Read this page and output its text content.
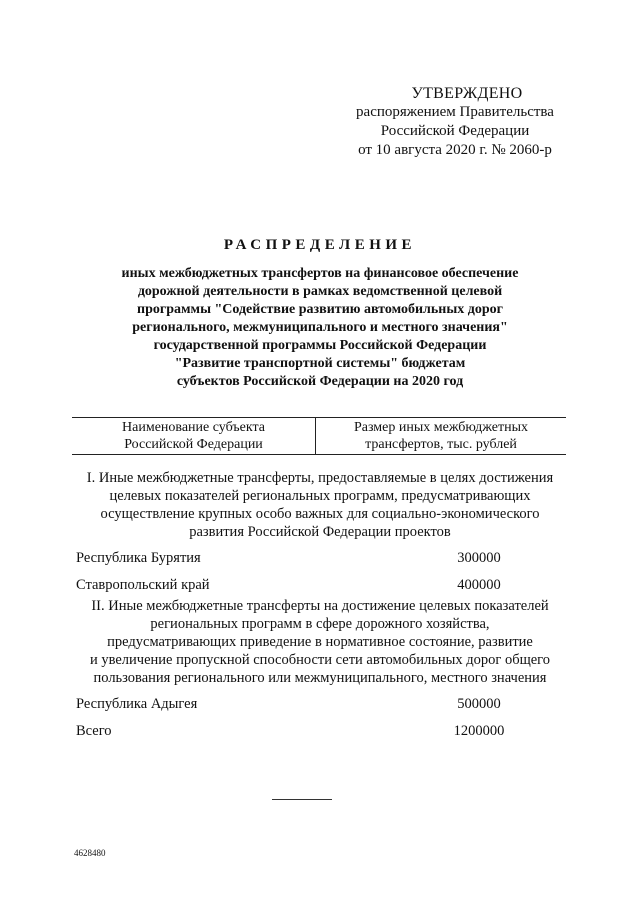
УТВЕРЖДЕНО
распоряжением Правительства
Российской Федерации
от 10 августа 2020 г. № 2060-р
РАСПРЕДЕЛЕНИЕ
иных межбюджетных трансфертов на финансовое обеспечение
дорожной деятельности в рамках ведомственной целевой
программы "Содействие развитию автомобильных дорог
регионального, межмуниципального и местного значения"
государственной программы Российской Федерации
"Развитие транспортной системы" бюджетам
субъектов Российской Федерации на 2020 год
Наименование субъекта
Российской Федерации
Размер иных межбюджетных
трансфертов, тыс. рублей
I. Иные межбюджетные трансферты, предоставляемые в целях достижения
целевых показателей региональных программ, предусматривающих
осуществление крупных особо важных для социально-экономического
развития Российской Федерации проектов
Республика Бурятия	300000
Ставропольский край	400000
II. Иные межбюджетные трансферты на достижение целевых показателей
региональных программ в сфере дорожного хозяйства,
предусматривающих приведение в нормативное состояние, развитие
и увеличение пропускной способности сети автомобильных дорог общего
пользования регионального или межмуниципального, местного значения
Республика Адыгея	500000
Всего	1200000
4628480
